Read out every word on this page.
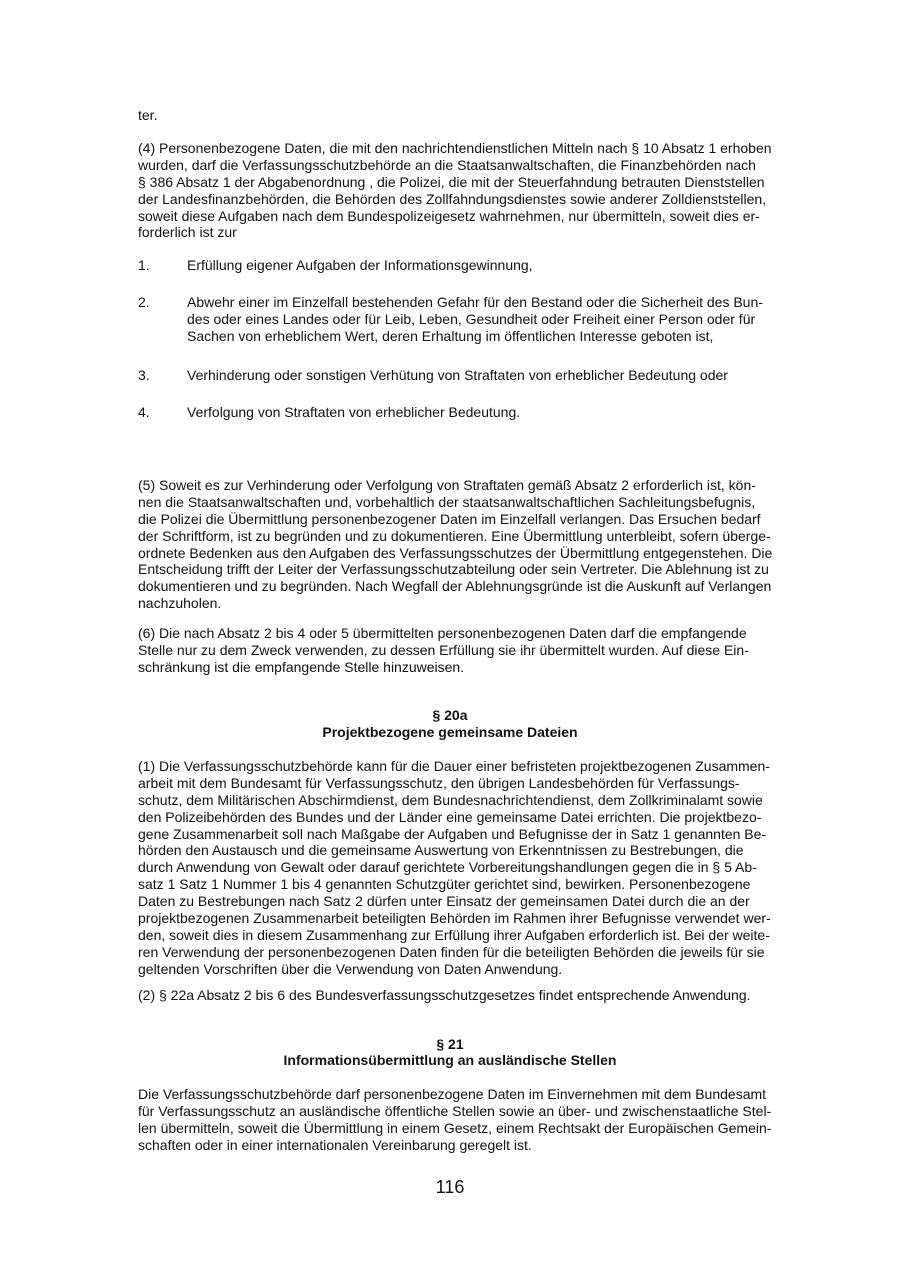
ter.
(4) Personenbezogene Daten, die mit den nachrichtendienstlichen Mitteln nach § 10 Absatz 1 erhoben
wurden, darf die Verfassungsschutzbehörde an die Staatsanwaltschaften, die Finanzbehörden nach
§ 386 Absatz 1 der Abgabenordnung , die Polizei, die mit der Steuerfahndung betrauten Dienststellen
der Landesfinanzbehörden, die Behörden des Zollfahndungsdienstes sowie anderer Zolldienststellen,
soweit diese Aufgaben nach dem Bundespolizeigesetz wahrnehmen, nur übermitteln, soweit dies er-
forderlich ist zur
1.	Erfüllung eigener Aufgaben der Informationsgewinnung,
2.	Abwehr einer im Einzelfall bestehenden Gefahr für den Bestand oder die Sicherheit des Bun-
des oder eines Landes oder für Leib, Leben, Gesundheit oder Freiheit einer Person oder für
Sachen von erheblichem Wert, deren Erhaltung im öffentlichen Interesse geboten ist,
3.	Verhinderung oder sonstigen Verhütung von Straftaten von erheblicher Bedeutung oder
4.	Verfolgung von Straftaten von erheblicher Bedeutung.
(5) Soweit es zur Verhinderung oder Verfolgung von Straftaten gemäß Absatz 2 erforderlich ist, kön-
nen die Staatsanwaltschaften und, vorbehaltlich der staatsanwaltschaftlichen Sachleitungsbefugnis,
die Polizei die Übermittlung personenbezogener Daten im Einzelfall verlangen. Das Ersuchen bedarf
der Schriftform, ist zu begründen und zu dokumentieren. Eine Übermittlung unterbleibt, sofern überge-
ordnete Bedenken aus den Aufgaben des Verfassungsschutzes der Übermittlung entgegenstehen. Die
Entscheidung trifft der Leiter der Verfassungsschutzabteilung oder sein Vertreter. Die Ablehnung ist zu
dokumentieren und zu begründen. Nach Wegfall der Ablehnungsgründe ist die Auskunft auf Verlangen
nachzuholen.
(6) Die nach Absatz 2 bis 4 oder 5 übermittelten personenbezogenen Daten darf die empfangende
Stelle nur zu dem Zweck verwenden, zu dessen Erfüllung sie ihr übermittelt wurden. Auf diese Ein-
schränkung ist die empfangende Stelle hinzuweisen.
§ 20a
Projektbezogene gemeinsame Dateien
(1) Die Verfassungsschutzbehörde kann für die Dauer einer befristeten projektbezogenen Zusammen-
arbeit mit dem Bundesamt für Verfassungsschutz, den übrigen Landesbehörden für Verfassungs-
schutz, dem Militärischen Abschirmdienst, dem Bundesnachrichtendienst, dem Zollkriminalamt sowie
den Polizeibehörden des Bundes und der Länder eine gemeinsame Datei errichten. Die projektbezo-
gene Zusammenarbeit soll nach Maßgabe der Aufgaben und Befugnisse der in Satz 1 genannten Be-
hörden den Austausch und die gemeinsame Auswertung von Erkenntnissen zu Bestrebungen, die
durch Anwendung von Gewalt oder darauf gerichtete Vorbereitungshandlungen gegen die in § 5 Ab-
satz 1 Satz 1 Nummer 1 bis 4 genannten Schutzgüter gerichtet sind, bewirken. Personenbezogene
Daten zu Bestrebungen nach Satz 2 dürfen unter Einsatz der gemeinsamen Datei durch die an der
projektbezogenen Zusammenarbeit beteiligten Behörden im Rahmen ihrer Befugnisse verwendet wer-
den, soweit dies in diesem Zusammenhang zur Erfüllung ihrer Aufgaben erforderlich ist. Bei der weite-
ren Verwendung der personenbezogenen Daten finden für die beteiligten Behörden die jeweils für sie
geltenden Vorschriften über die Verwendung von Daten Anwendung.
(2) § 22a Absatz 2 bis 6 des Bundesverfassungsschutzgesetzes findet entsprechende Anwendung.
§ 21
Informationsübermittlung an ausländische Stellen
Die Verfassungsschutzbehörde darf personenbezogene Daten im Einvernehmen mit dem Bundesamt
für Verfassungsschutz an ausländische öffentliche Stellen sowie an über- und zwischenstaatliche Stel-
len übermitteln, soweit die Übermittlung in einem Gesetz, einem Rechtsakt der Europäischen Gemein-
schaften oder in einer internationalen Vereinbarung geregelt ist.
116
